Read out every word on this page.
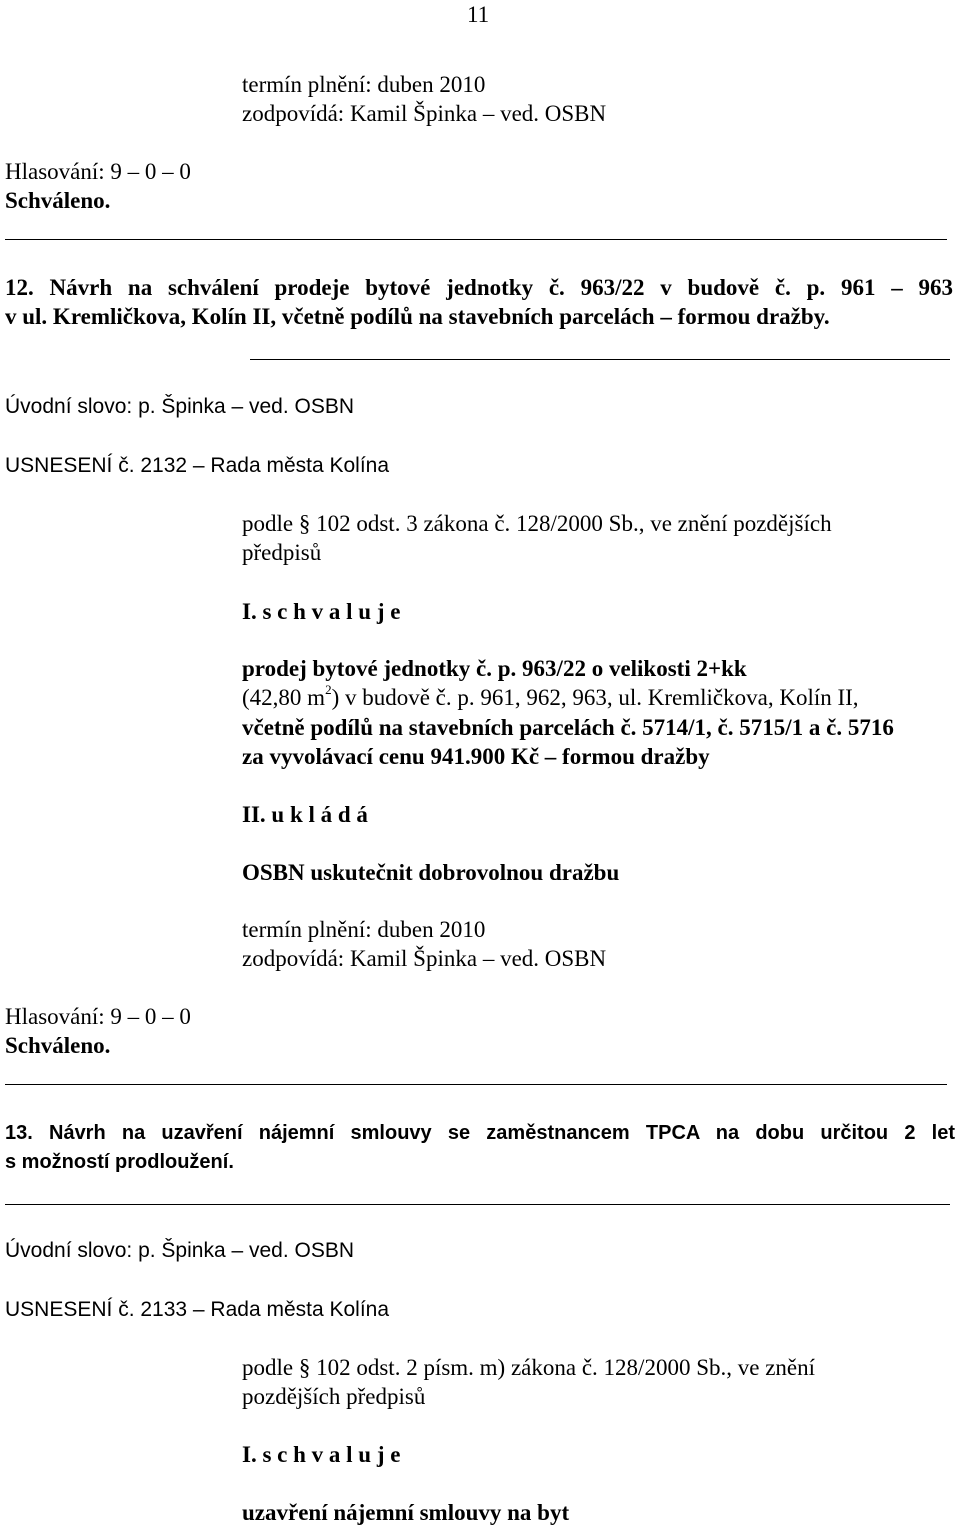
11
termín plnění: duben 2010
zodpovídá: Kamil Špinka – ved. OSBN
Hlasování: 9 – 0 – 0
Schváleno.
12. Návrh na schválení prodeje bytové jednotky č. 963/22 v budově č. p. 961 – 963
v ul. Kremličkova, Kolín II, včetně podílů na stavebních parcelách – formou dražby.
Úvodní slovo: p. Špinka – ved. OSBN
USNESENÍ č. 2132 – Rada města Kolína
podle § 102 odst. 3 zákona č. 128/2000 Sb., ve znění pozdějších
předpisů
I. s c h v a l u j e
prodej bytové jednotky č. p. 963/22 o velikosti 2+kk
(42,80 $m^2$) v budově č. p. 961, 962, 963, ul. Kremličkova, Kolín II,
včetně podílů na stavebních parcelách č. 5714/1, č. 5715/1 a č. 5716
za vyvolávací cenu 941.900 Kč – formou dražby
II. u k l á d á
OSBN uskutečnit dobrovolnou dražbu
termín plnění: duben 2010
zodpovídá: Kamil Špinka – ved. OSBN
Hlasování: 9 – 0 – 0
Schváleno.
13. Návrh na uzavření nájemní smlouvy se zaměstnancem TPCA na dobu určitou 2 let
s možností prodloužení.
Úvodní slovo: p. Špinka – ved. OSBN
USNESENÍ č. 2133 – Rada města Kolína
podle § 102 odst. 2 písm. m) zákona č. 128/2000 Sb., ve znění
pozdějších předpisů
I. s c h v a l u j e
uzavření nájemní smlouvy na byt
